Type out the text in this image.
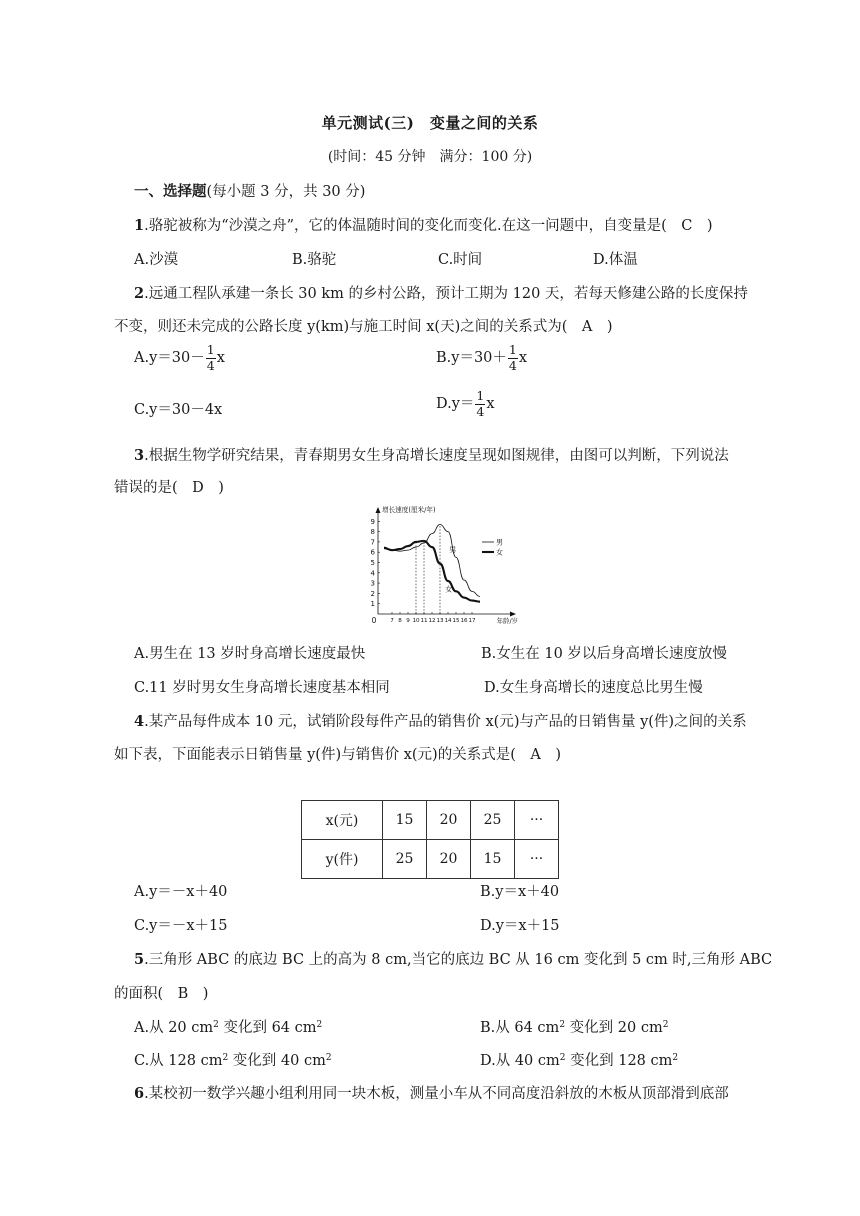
单元测试(三)　变量之间的关系
(时间：45 分钟　满分：100 分)
一、选择题(每小题 3 分，共 30 分)
1.骆驼被称为“沙漠之舟”，它的体温随时间的变化而变化.在这一问题中，自变量是(　C　)
A.沙漠	B.骆驼	C.时间	D.体温
2.远通工程队承建一条长 30 km 的乡村公路，预计工期为 120 天，若每天修建公路的长度保持
不变，则还未完成的公路长度 y(km)与施工时间 x(天)之间的关系式为(　A　)
$A.y=30- \frac{1}{4}$ x	$B.y=30+ \frac{1}{4}$ x
C.y＝30－4x	$D.y= \frac{1}{4}$ x
3.根据生物学研究结果，青春期男女生身高增长速度呈现如图规律，由图可以判断，下列说法
错误的是(　D　)
1
2
3
4
5
6
7
8
9
7 8 9 10 11 12 13 14 15 16 17
0
增长速度(厘米/年)
年龄/岁
男
女
男
女
A.男生在 13 岁时身高增长速度最快	B.女生在 10 岁以后身高增长速度放慢
C.11 岁时男女生身高增长速度基本相同	D.女生身高增长的速度总比男生慢
4.某产品每件成本 10 元，试销阶段每件产品的销售价 x(元)与产品的日销售量 y(件)之间的关系
如下表，下面能表示日销售量 y(件)与销售价 x(元)的关系式是(　A　)
x(元)	15	20	25	···
y(件)	25	20	15	···
A.y＝－x＋40	B.y＝x＋40
C.y＝－x＋15	D.y＝x＋15
5.三角形 ABC 的底边 BC 上的高为 8 cm,当它的底边 BC 从 16 cm 变化到 5 cm 时,三角形 ABC
的面积(　B　)
A.从 20 $cm^2$ 变化到 64 $cm^2$	B.从 64 $cm^2$ 变化到 20 $cm^2$
C.从 128 $cm^2$ 变化到 40 $cm^2$	D.从 40 $cm^2$ 变化到 128 $cm^2$
6.某校初一数学兴趣小组利用同一块木板，测量小车从不同高度沿斜放的木板从顶部滑到底部
